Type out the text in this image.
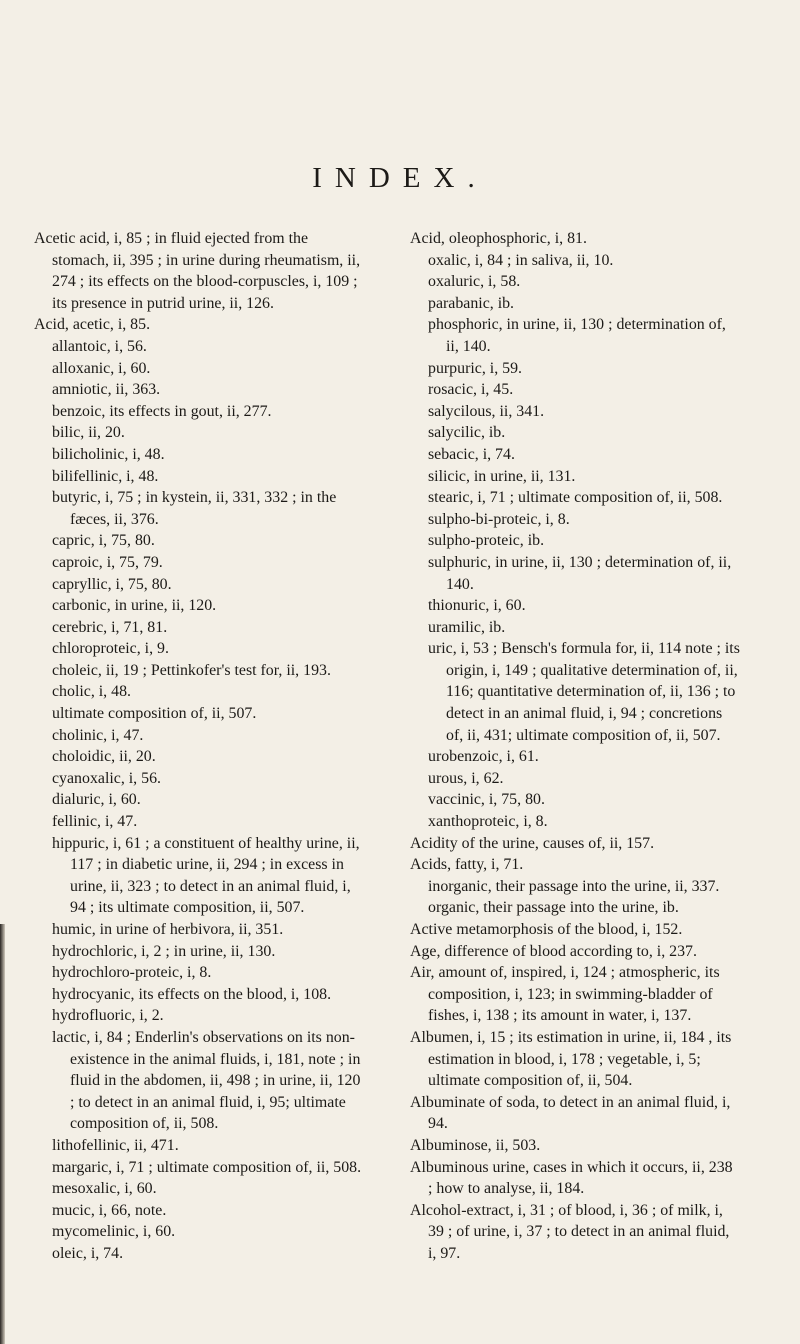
INDEX.
Acetic acid, i, 85 ; in fluid ejected from the stomach, ii, 395 ; in urine during rheumatism, ii, 274 ; its effects on the blood-corpuscles, i, 109 ; its presence in putrid urine, ii, 126.
Acid, acetic, i, 85.
allantoic, i, 56.
alloxanic, i, 60.
amniotic, ii, 363.
benzoic, its effects in gout, ii, 277.
bilic, ii, 20.
bilicholinic, i, 48.
bilifellinic, i, 48.
butyric, i, 75 ; in kystein, ii, 331, 332 ; in the fæces, ii, 376.
capric, i, 75, 80.
caproic, i, 75, 79.
capryllic, i, 75, 80.
carbonic, in urine, ii, 120.
cerebric, i, 71, 81.
chloroproteic, i, 9.
choleic, ii, 19 ; Pettinkofer's test for, ii, 193.
cholic, i, 48.
ultimate composition of, ii, 507.
cholinic, i, 47.
choloidic, ii, 20.
cyanoxalic, i, 56.
dialuric, i, 60.
fellinic, i, 47.
hippuric, i, 61 ; a constituent of healthy urine, ii, 117 ; in diabetic urine, ii, 294 ; in excess in urine, ii, 323 ; to detect in an animal fluid, i, 94 ; its ultimate composition, ii, 507.
humic, in urine of herbivora, ii, 351.
hydrochloric, i, 2 ; in urine, ii, 130.
hydrochloro-proteic, i, 8.
hydrocyanic, its effects on the blood, i, 108.
hydrofluoric, i, 2.
lactic, i, 84 ; Enderlin's observations on its non-existence in the animal fluids, i, 181, note ; in fluid in the abdomen, ii, 498 ; in urine, ii, 120 ; to detect in an animal fluid, i, 95; ultimate composition of, ii, 508.
lithofellinic, ii, 471.
margaric, i, 71 ; ultimate composition of, ii, 508.
mesoxalic, i, 60.
mucic, i, 66, note.
mycomelinic, i, 60.
oleic, i, 74.
Acid, oleophosphoric, i, 81.
oxalic, i, 84 ; in saliva, ii, 10.
oxaluric, i, 58.
parabanic, ib.
phosphoric, in urine, ii, 130 ; determination of, ii, 140.
purpuric, i, 59.
rosacic, i, 45.
salycilous, ii, 341.
salycilic, ib.
sebacic, i, 74.
silicic, in urine, ii, 131.
stearic, i, 71 ; ultimate composition of, ii, 508.
sulpho-bi-proteic, i, 8.
sulpho-proteic, ib.
sulphuric, in urine, ii, 130 ; determination of, ii, 140.
thionuric, i, 60.
uramilic, ib.
uric, i, 53 ; Bensch's formula for, ii, 114 note ; its origin, i, 149 ; qualitative determination of, ii, 116; quantitative determination of, ii, 136 ; to detect in an animal fluid, i, 94 ; concretions of, ii, 431; ultimate composition of, ii, 507.
urobenzoic, i, 61.
urous, i, 62.
vaccinic, i, 75, 80.
xanthoproteic, i, 8.
Acidity of the urine, causes of, ii, 157.
Acids, fatty, i, 71.
inorganic, their passage into the urine, ii, 337.
organic, their passage into the urine, ib.
Active metamorphosis of the blood, i, 152.
Age, difference of blood according to, i, 237.
Air, amount of, inspired, i, 124 ; atmospheric, its composition, i, 123; in swimming-bladder of fishes, i, 138 ; its amount in water, i, 137.
Albumen, i, 15 ; its estimation in urine, ii, 184 , its estimation in blood, i, 178 ; vegetable, i, 5; ultimate composition of, ii, 504.
Albuminate of soda, to detect in an animal fluid, i, 94.
Albuminose, ii, 503.
Albuminous urine, cases in which it occurs, ii, 238 ; how to analyse, ii, 184.
Alcohol-extract, i, 31 ; of blood, i, 36 ; of milk, i, 39 ; of urine, i, 37 ; to detect in an animal fluid, i, 97.
